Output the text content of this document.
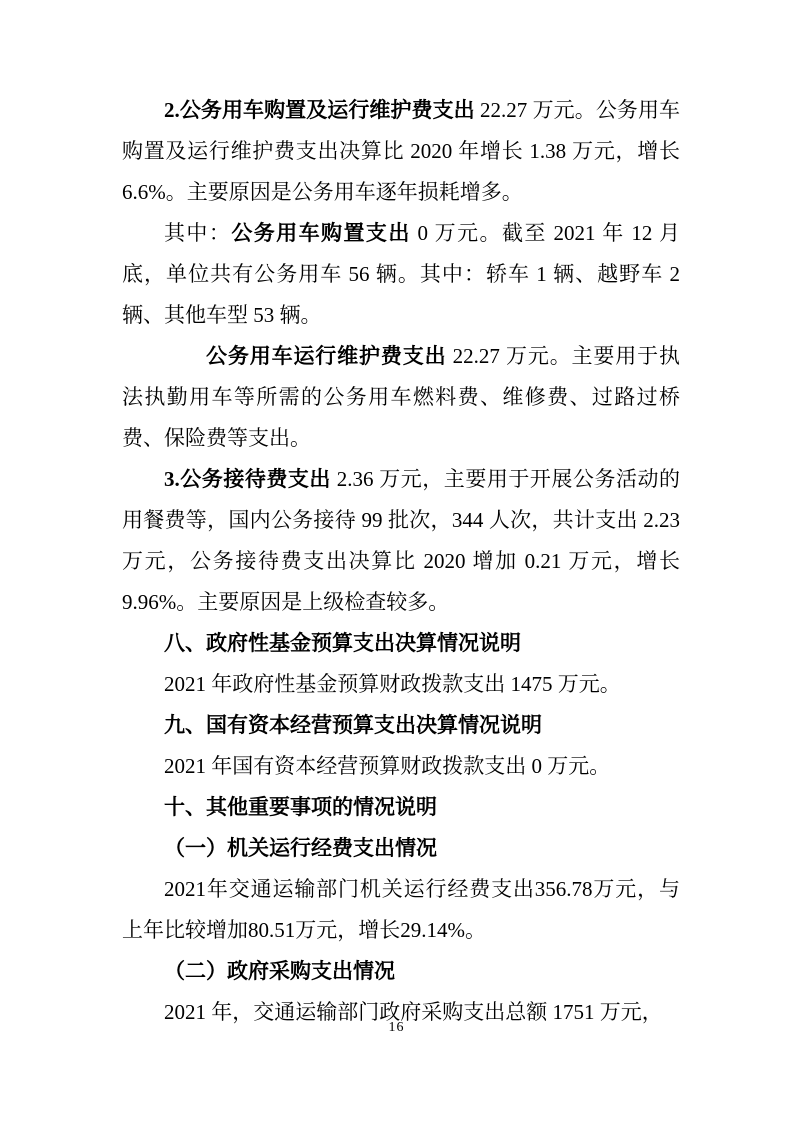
2.公务用车购置及运行维护费支出 22.27 万元。公务用车购置及运行维护费支出决算比 2020 年增长 1.38 万元，增长 6.6%。主要原因是公务用车逐年损耗增多。

其中：公务用车购置支出 0 万元。截至 2021 年 12 月底，单位共有公务用车 56 辆。其中：轿车 1 辆、越野车 2 辆、其他车型 53 辆。

公务用车运行维护费支出 22.27 万元。主要用于执法执勤用车等所需的公务用车燃料费、维修费、过路过桥费、保险费等支出。

3.公务接待费支出 2.36 万元，主要用于开展公务活动的用餐费等，国内公务接待 99 批次，344 人次，共计支出 2.23 万元，公务接待费支出决算比 2020 增加 0.21 万元，增长 9.96%。主要原因是上级检查较多。

八、政府性基金预算支出决算情况说明

2021 年政府性基金预算财政拨款支出 1475 万元。

九、国有资本经营预算支出决算情况说明

2021 年国有资本经营预算财政拨款支出 0 万元。

十、其他重要事项的情况说明
（一）机关运行经费支出情况

2021年交通运输部门机关运行经费支出356.78万元，与上年比较增加80.51万元，增长29.14%。

（二）政府采购支出情况

2021 年，交通运输部门政府采购支出总额 1751 万元，

16
